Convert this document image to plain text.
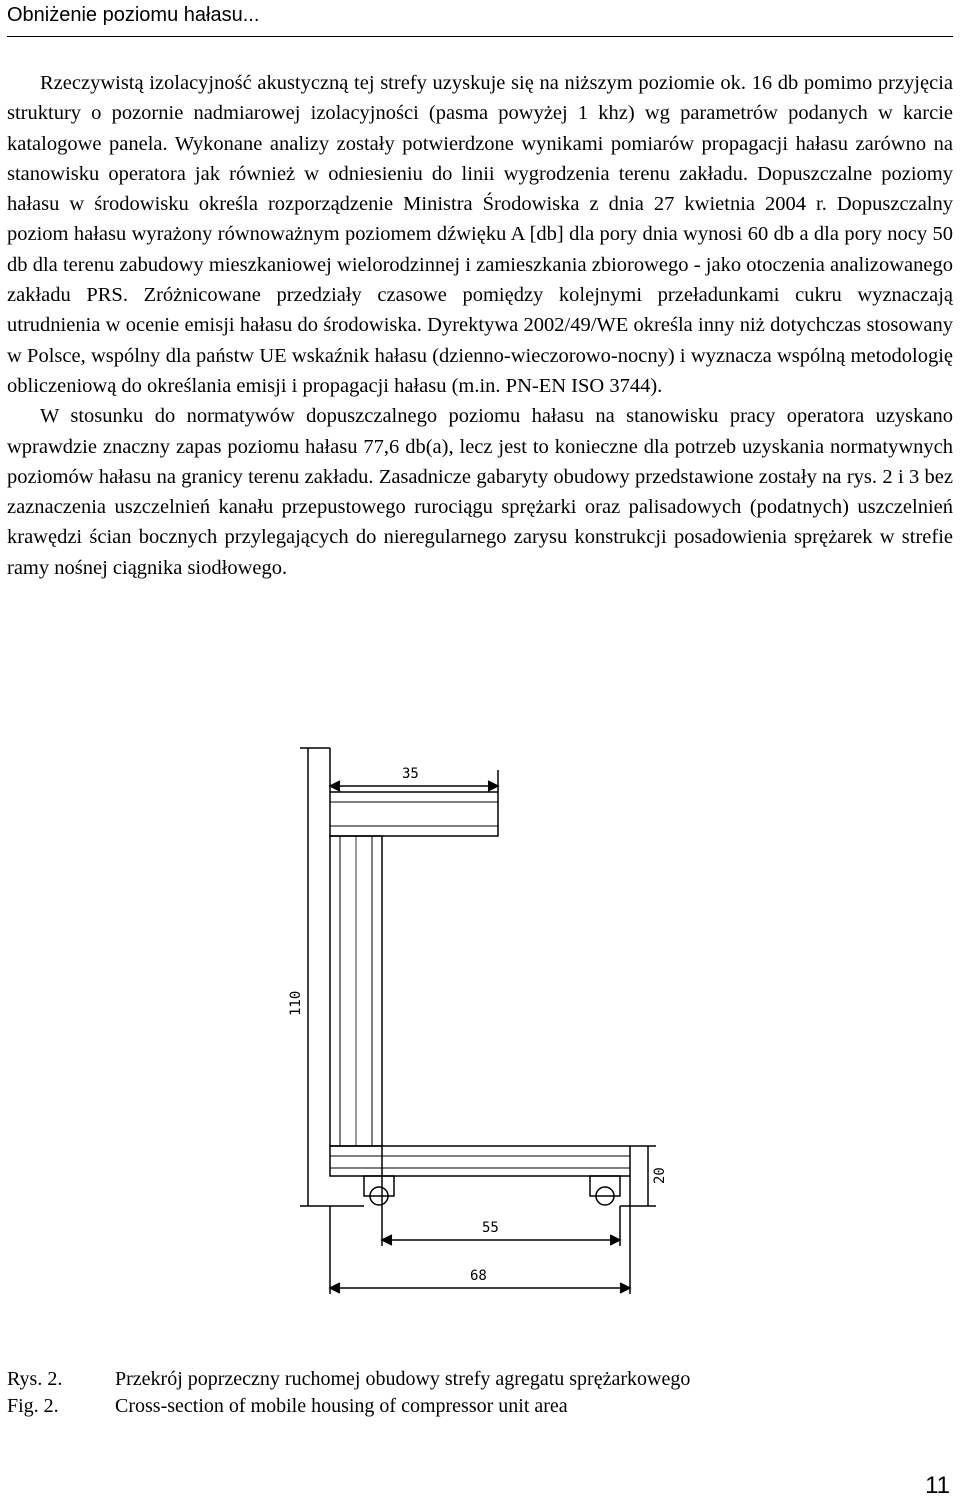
Obniżenie poziomu hałasu...

Rzeczywistą izolacyjność akustyczną tej strefy uzyskuje się na niższym poziomie ok. 16 db pomimo przyjęcia struktury o pozornie nadmiarowej izolacyjności (pasma powyżej 1 khz) wg parametrów podanych w karcie katalogowe panela. Wykonane analizy zostały potwierdzone wynikami pomiarów propagacji hałasu zarówno na stanowisku operatora jak również w odniesieniu do linii wygrodzenia terenu zakładu. Dopuszczalne poziomy hałasu w środowisku określa rozporządzenie Ministra Środowiska z dnia 27 kwietnia 2004 r. Dopuszczalny poziom hałasu wyrażony równoważnym poziomem dźwięku A [db] dla pory dnia wynosi 60 db a dla pory nocy 50 db dla terenu zabudowy mieszkaniowej wielorodzinnej i zamieszkania zbiorowego - jako otoczenia analizowanego zakładu PRS. Zróżnicowane przedziały czasowe pomiędzy kolejnymi przeładunkami cukru wyznaczają utrudnienia w ocenie emisji hałasu do środowiska. Dyrektywa 2002/49/WE określa inny niż dotychczas stosowany w Polsce, wspólny dla państw UE wskaźnik hałasu (dzienno-wieczorowo-nocny) i wyznacza wspólną metodologię obliczeniową do określania emisji i propagacji hałasu (m.in. PN-EN ISO 3744).

W stosunku do normatywów dopuszczalnego poziomu hałasu na stanowisku pracy operatora uzyskano wprawdzie znaczny zapas poziomu hałasu 77,6 db(a), lecz jest to konieczne dla potrzeb uzyskania normatywnych poziomów hałasu na granicy terenu zakładu. Zasadnicze gabaryty obudowy przedstawione zostały na rys. 2 i 3 bez zaznaczenia uszczelnień kanału przepustowego rurociągu sprężarki oraz palisadowych (podatnych) uszczelnień krawędzi ścian bocznych przylegających do nieregularnego zarysu konstrukcji posadowienia sprężarek w strefie ramy nośnej ciągnika siodłowego.

35
110
20
55
68
Rys. 2.	Przekrój poprzeczny ruchomej obudowy strefy agregatu sprężarkowego
Fig. 2.	Cross-section of mobile housing of compressor unit area
11
